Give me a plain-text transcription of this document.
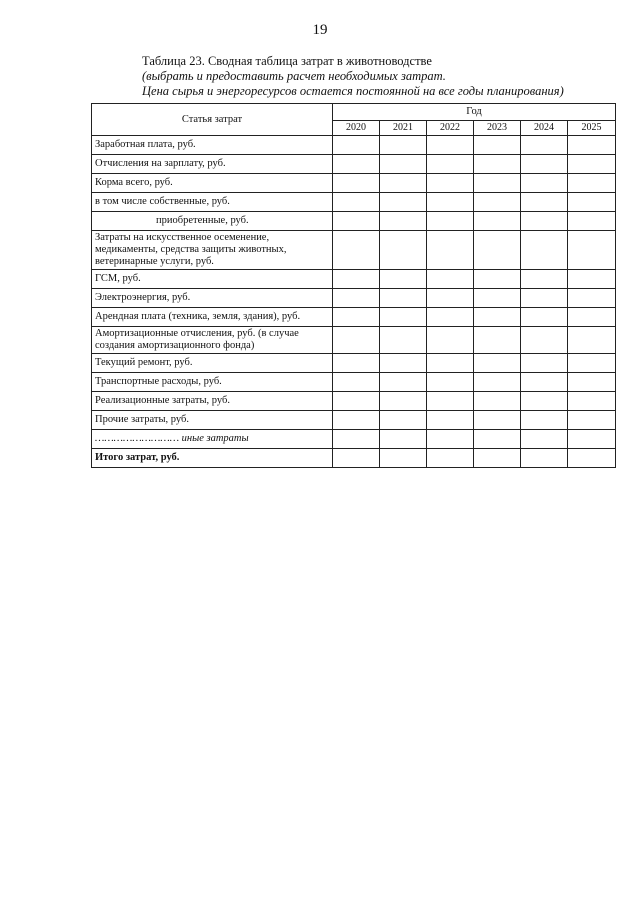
19
Таблица 23. Сводная таблица затрат в животноводстве
(выбрать и предоставить расчет необходимых затрат.
Цена сырья и энергоресурсов остается постоянной на все годы планирования)
Статья затрат	Год					
	2020	2021	2022	2023	2024	2025
Заработная плата, руб.						
Отчисления на зарплату, руб.						
Корма всего, руб.						
в том числе собственные, руб.						
приобретенные, руб.						
Затраты на искусственное осеменение, медикаменты, средства защиты животных, ветеринарные услуги, руб.						
ГСМ, руб.						
Электроэнергия, руб.						
Арендная плата (техника, земля, здания), руб.						
Амортизационные отчисления, руб. (в случае создания амортизационного фонда)						
Текущий ремонт, руб.						
Транспортные расходы, руб.						
Реализационные затраты, руб.						
Прочие затраты, руб.						
……………………… иные затраты						
Итого затрат, руб.						
